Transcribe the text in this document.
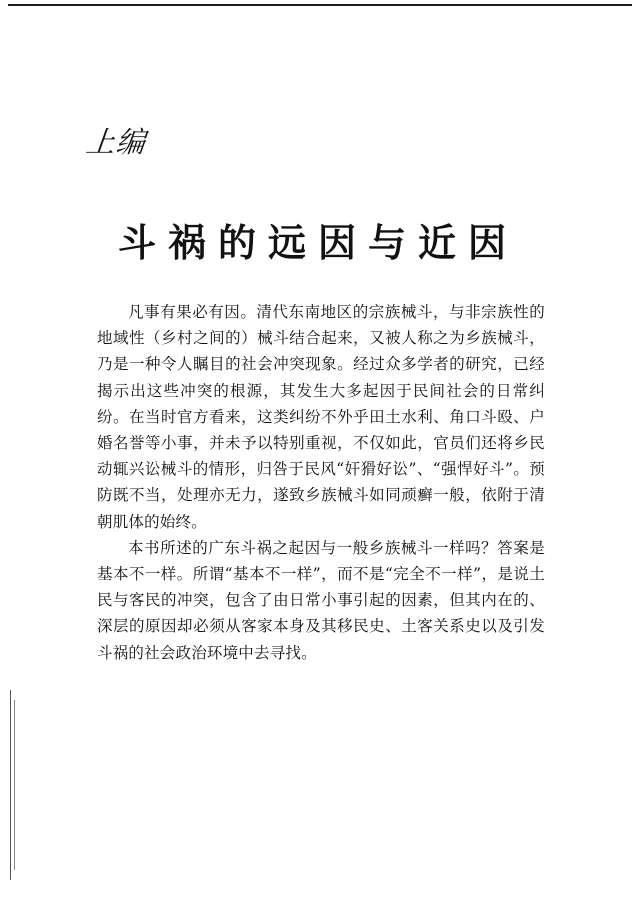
上编
斗祸的远因与近因

凡事有果必有因。清代东南地区的宗族械斗，与非宗族性的地域性（乡村之间的）械斗结合起来，又被人称之为乡族械斗，乃是一种令人瞩目的社会冲突现象。经过众多学者的研究，已经揭示出这些冲突的根源，其发生大多起因于民间社会的日常纠纷。在当时官方看来，这类纠纷不外乎田土水利、角口斗殴、户婚名誉等小事，并未予以特别重视，不仅如此，官员们还将乡民动辄兴讼械斗的情形，归咎于民风“奸猾好讼”、“强悍好斗”。预防既不当，处理亦无力，遂致乡族械斗如同顽癣一般，依附于清朝肌体的始终。

本书所述的广东斗祸之起因与一般乡族械斗一样吗？答案是基本不一样。所谓“基本不一样”，而不是“完全不一样”，是说土民与客民的冲突，包含了由日常小事引起的因素，但其内在的、深层的原因却必须从客家本身及其移民史、土客关系史以及引发斗祸的社会政治环境中去寻找。
